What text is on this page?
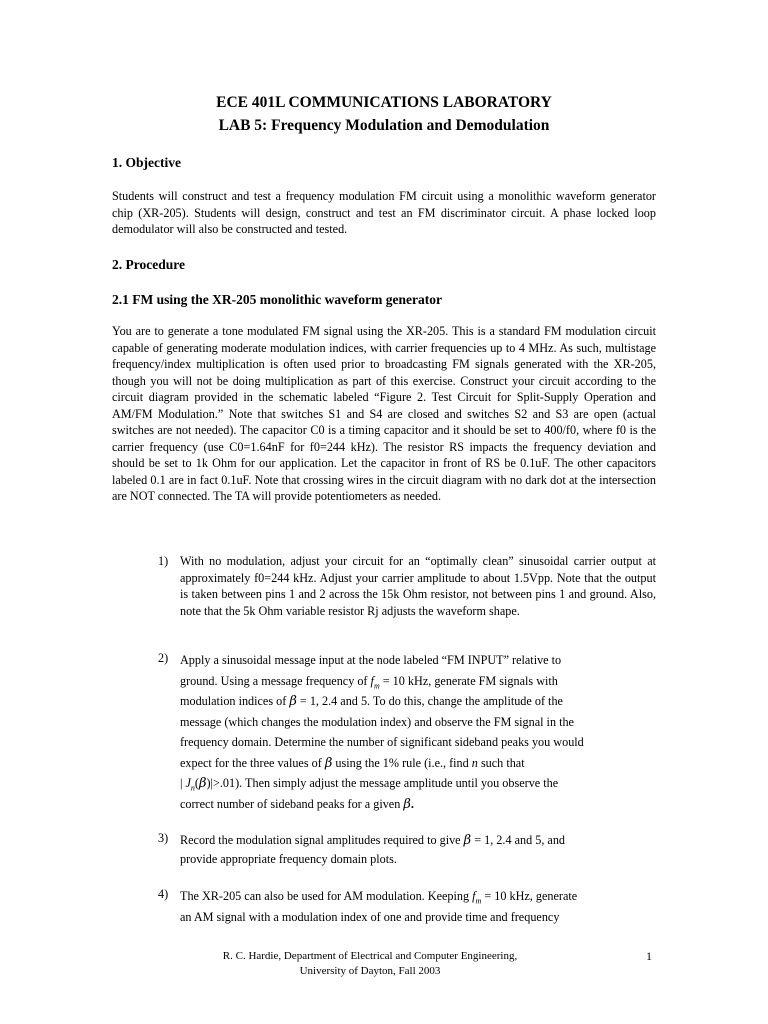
ECE 401L COMMUNICATIONS LABORATORY
LAB 5: Frequency Modulation and Demodulation
1. Objective
Students will construct and test a frequency modulation FM circuit using a monolithic waveform generator chip (XR-205). Students will design, construct and test an FM discriminator circuit. A phase locked loop demodulator will also be constructed and tested.
2. Procedure
2.1 FM using the XR-205 monolithic waveform generator
You are to generate a tone modulated FM signal using the XR-205. This is a standard FM modulation circuit capable of generating moderate modulation indices, with carrier frequencies up to 4 MHz. As such, multistage frequency/index multiplication is often used prior to broadcasting FM signals generated with the XR-205, though you will not be doing multiplication as part of this exercise. Construct your circuit according to the circuit diagram provided in the schematic labeled “Figure 2. Test Circuit for Split-Supply Operation and AM/FM Modulation.” Note that switches S1 and S4 are closed and switches S2 and S3 are open (actual switches are not needed). The capacitor C0 is a timing capacitor and it should be set to 400/f0, where f0 is the carrier frequency (use C0=1.64nF for f0=244 kHz). The resistor RS impacts the frequency deviation and should be set to 1k Ohm for our application. Let the capacitor in front of RS be 0.1uF. The other capacitors labeled 0.1 are in fact 0.1uF. Note that crossing wires in the circuit diagram with no dark dot at the intersection are NOT connected. The TA will provide potentiometers as needed.
1) With no modulation, adjust your circuit for an “optimally clean” sinusoidal carrier output at approximately f0=244 kHz. Adjust your carrier amplitude to about 1.5Vpp. Note that the output is taken between pins 1 and 2 across the 15k Ohm resistor, not between pins 1 and ground. Also, note that the 5k Ohm variable resistor Rj adjusts the waveform shape.
2) Apply a sinusoidal message input at the node labeled “FM INPUT” relative to
ground. Using a message frequency of $f_m = 10$ kHz, generate FM signals with
modulation indices of β = 1, 2.4 and 5. To do this, change the amplitude of the
message (which changes the modulation index) and observe the FM signal in the
frequency domain. Determine the number of significant sideband peaks you would
expect for the three values of β using the 1% rule (i.e., find n such that
| $J_n(\beta)|>.01$). Then simply adjust the message amplitude until you observe the
correct number of sideband peaks for a given β.
3) Record the modulation signal amplitudes required to give β = 1, 2.4 and 5, and
provide appropriate frequency domain plots.
4) The XR-205 can also be used for AM modulation. Keeping $f_m = 10$ kHz, generate
an AM signal with a modulation index of one and provide time and frequency
R. C. Hardie, Department of Electrical and Computer Engineering,
University of Dayton, Fall 2003
1
